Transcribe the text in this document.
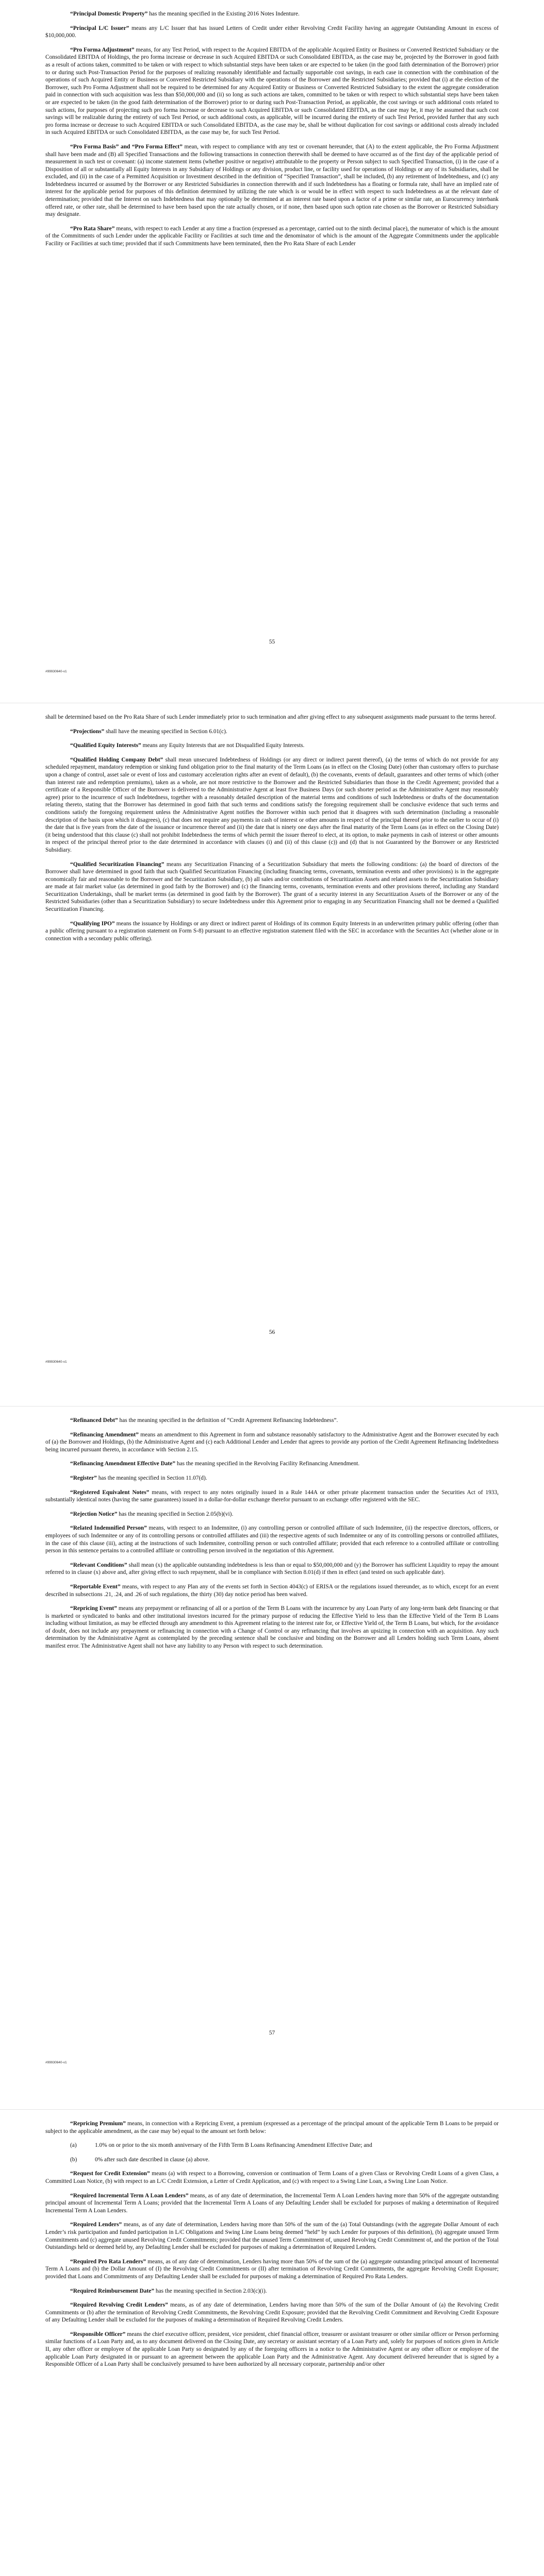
“Principal Domestic Property” has the meaning specified in the Existing 2016 Notes Indenture.

“Principal L/C Issuer” means any L/C Issuer that has issued Letters of Credit under either Revolving Credit Facility having an aggregate Outstanding Amount in excess of $10,000,000.

“Pro Forma Adjustment” means, for any Test Period, with respect to the Acquired EBITDA of the applicable Acquired Entity or Business or Converted Restricted Subsidiary or the Consolidated EBITDA of Holdings, the pro forma increase or decrease in such Acquired EBITDA or such Consolidated EBITDA, as the case may be, projected by the Borrower in good faith as a result of actions taken, committed to be taken or with respect to which substantial steps have been taken or are expected to be taken (in the good faith determination of the Borrower) prior to or during such Post-Transaction Period for the purposes of realizing reasonably identifiable and factually supportable cost savings, in each case in connection with the combination of the operations of such Acquired Entity or Business or Converted Restricted Subsidiary with the operations of the Borrower and the Restricted Subsidiaries; provided that (i) at the election of the Borrower, such Pro Forma Adjustment shall not be required to be determined for any Acquired Entity or Business or Converted Restricted Subsidiary to the extent the aggregate consideration paid in connection with such acquisition was less than $50,000,000 and (ii) so long as such actions are taken, committed to be taken or with respect to which substantial steps have been taken or are expected to be taken (in the good faith determination of the Borrower) prior to or during such Post-Transaction Period, as applicable, the cost savings or such additional costs related to such actions, for purposes of projecting such pro forma increase or decrease to such Acquired EBITDA or such Consolidated EBITDA, as the case may be, it may be assumed that such cost savings will be realizable during the entirety of such Test Period, or such additional costs, as applicable, will be incurred during the entirety of such Test Period, provided further that any such pro forma increase or decrease to such Acquired EBITDA or such Consolidated EBITDA, as the case may be, shall be without duplication for cost savings or additional costs already included in such Acquired EBITDA or such Consolidated EBITDA, as the case may be, for such Test Period.

“Pro Forma Basis” and “Pro Forma Effect” mean, with respect to compliance with any test or covenant hereunder, that (A) to the extent applicable, the Pro Forma Adjustment shall have been made and (B) all Specified Transactions and the following transactions in connection therewith shall be deemed to have occurred as of the first day of the applicable period of measurement in such test or covenant: (a) income statement items (whether positive or negative) attributable to the property or Person subject to such Specified Transaction, (i) in the case of a Disposition of all or substantially all Equity Interests in any Subsidiary of Holdings or any division, product line, or facility used for operations of Holdings or any of its Subsidiaries, shall be excluded, and (ii) in the case of a Permitted Acquisition or Investment described in the definition of “Specified Transaction”, shall be included, (b) any retirement of Indebtedness, and (c) any Indebtedness incurred or assumed by the Borrower or any Restricted Subsidiaries in connection therewith and if such Indebtedness has a floating or formula rate, shall have an implied rate of interest for the applicable period for purposes of this definition determined by utilizing the rate which is or would be in effect with respect to such Indebtedness as at the relevant date of determination; provided that the Interest on such Indebtedness that may optionally be determined at an interest rate based upon a factor of a prime or similar rate, an Eurocurrency interbank offered rate, or other rate, shall be determined to have been based upon the rate actually chosen, or if none, then based upon such option rate chosen as the Borrower or Restricted Subsidiary may designate.

“Pro Rata Share” means, with respect to each Lender at any time a fraction (expressed as a percentage, carried out to the ninth decimal place), the numerator of which is the amount of the Commitments of such Lender under the applicable Facility or Facilities at such time and the denominator of which is the amount of the Aggregate Commitments under the applicable Facility or Facilities at such time; provided that if such Commitments have been terminated, then the Pro Rata Share of each Lender

55
#99930640-v1

shall be determined based on the Pro Rata Share of such Lender immediately prior to such termination and after giving effect to any subsequent assignments made pursuant to the terms hereof.

“Projections” shall have the meaning specified in Section 6.01(c).

“Qualified Equity Interests” means any Equity Interests that are not Disqualified Equity Interests.

“Qualified Holding Company Debt” shall mean unsecured Indebtedness of Holdings (or any direct or indirect parent thereof), (a) the terms of which do not provide for any scheduled repayment, mandatory redemption or sinking fund obligation prior to the final maturity of the Term Loans (as in effect on the Closing Date) (other than customary offers to purchase upon a change of control, asset sale or event of loss and customary acceleration rights after an event of default), (b) the covenants, events of default, guarantees and other terms of which (other than interest rate and redemption premiums), taken as a whole, are not more restrictive to the Borrower and the Restricted Subsidiaries than those in the Credit Agreement; provided that a certificate of a Responsible Officer of the Borrower is delivered to the Administrative Agent at least five Business Days (or such shorter period as the Administrative Agent may reasonably agree) prior to the incurrence of such Indebtedness, together with a reasonably detailed description of the material terms and conditions of such Indebtedness or drafts of the documentation relating thereto, stating that the Borrower has determined in good faith that such terms and conditions satisfy the foregoing requirement shall be conclusive evidence that such terms and conditions satisfy the foregoing requirement unless the Administrative Agent notifies the Borrower within such period that it disagrees with such determination (including a reasonable description of the basis upon which it disagrees), (c) that does not require any payments in cash of interest or other amounts in respect of the principal thereof prior to the earlier to occur of (i) the date that is five years from the date of the issuance or incurrence thereof and (ii) the date that is ninety one days after the final maturity of the Term Loans (as in effect on the Closing Date) (it being understood that this clause (c) shall not prohibit Indebtedness the terms of which permit the issuer thereof to elect, at its option, to make payments in cash of interest or other amounts in respect of the principal thereof prior to the date determined in accordance with clauses (i) and (ii) of this clause (c)) and (d) that is not Guaranteed by the Borrower or any Restricted Subsidiary.

“Qualified Securitization Financing” means any Securitization Financing of a Securitization Subsidiary that meets the following conditions: (a) the board of directors of the Borrower shall have determined in good faith that such Qualified Securitization Financing (including financing terms, covenants, termination events and other provisions) is in the aggregate economically fair and reasonable to the Borrower and the Securitization Subsidiary, (b) all sales and/or contributions of Securitization Assets and related assets to the Securitization Subsidiary are made at fair market value (as determined in good faith by the Borrower) and (c) the financing terms, covenants, termination events and other provisions thereof, including any Standard Securitization Undertakings, shall be market terms (as determined in good faith by the Borrower). The grant of a security interest in any Securitization Assets of the Borrower or any of the Restricted Subsidiaries (other than a Securitization Subsidiary) to secure Indebtedness under this Agreement prior to engaging in any Securitization Financing shall not be deemed a Qualified Securitization Financing.

“Qualifying IPO” means the issuance by Holdings or any direct or indirect parent of Holdings of its common Equity Interests in an underwritten primary public offering (other than a public offering pursuant to a registration statement on Form S-8) pursuant to an effective registration statement filed with the SEC in accordance with the Securities Act (whether alone or in connection with a secondary public offering).

56
#99930640-v1

“Refinanced Debt” has the meaning specified in the definition of “Credit Agreement Refinancing Indebtedness”.

“Refinancing Amendment” means an amendment to this Agreement in form and substance reasonably satisfactory to the Administrative Agent and the Borrower executed by each of (a) the Borrower and Holdings, (b) the Administrative Agent and (c) each Additional Lender and Lender that agrees to provide any portion of the Credit Agreement Refinancing Indebtedness being incurred pursuant thereto, in accordance with Section 2.15.

“Refinancing Amendment Effective Date” has the meaning specified in the Revolving Facility Refinancing Amendment.

“Register” has the meaning specified in Section 11.07(d).

“Registered Equivalent Notes” means, with respect to any notes originally issued in a Rule 144A or other private placement transaction under the Securities Act of 1933, substantially identical notes (having the same guarantees) issued in a dollar-for-dollar exchange therefor pursuant to an exchange offer registered with the SEC.

“Rejection Notice” has the meaning specified in Section 2.05(b)(vi).

“Related Indemnified Person” means, with respect to an Indemnitee, (i) any controlling person or controlled affiliate of such Indemnitee, (ii) the respective directors, officers, or employees of such Indemnitee or any of its controlling persons or controlled affiliates and (iii) the respective agents of such Indemnitee or any of its controlling persons or controlled affiliates, in the case of this clause (iii), acting at the instructions of such Indemnitee, controlling person or such controlled affiliate; provided that each reference to a controlled affiliate or controlling person in this sentence pertains to a controlled affiliate or controlling person involved in the negotiation of this Agreement.

“Relevant Conditions” shall mean (x) the applicable outstanding indebtedness is less than or equal to $50,000,000 and (y) the Borrower has sufficient Liquidity to repay the amount referred to in clause (x) above and, after giving effect to such repayment, shall be in compliance with Section 8.01(d) if then in effect (and tested on such applicable date).

“Reportable Event” means, with respect to any Plan any of the events set forth in Section 4043(c) of ERISA or the regulations issued thereunder, as to which, except for an event described in subsections .21, .24, and .26 of such regulations, the thirty (30) day notice period has been waived.

“Repricing Event” means any prepayment or refinancing of all or a portion of the Term B Loans with the incurrence by any Loan Party of any long-term bank debt financing or that is marketed or syndicated to banks and other institutional investors incurred for the primary purpose of reducing the Effective Yield to less than the Effective Yield of the Term B Loans including without limitation, as may be effected through any amendment to this Agreement relating to the interest rate for, or Effective Yield of, the Term B Loans, but which, for the avoidance of doubt, does not include any prepayment or refinancing in connection with a Change of Control or any refinancing that involves an upsizing in connection with an acquisition. Any such determination by the Administrative Agent as contemplated by the preceding sentence shall be conclusive and binding on the Borrower and all Lenders holding such Term Loans, absent manifest error. The Administrative Agent shall not have any liability to any Person with respect to such determination.

57
#99930640-v1

“Repricing Premium” means, in connection with a Repricing Event, a premium (expressed as a percentage of the principal amount of the applicable Term B Loans to be prepaid or subject to the applicable amendment, as the case may be) equal to the amount set forth below:

(a)	1.0% on or prior to the six month anniversary of the Fifth Term B Loans Refinancing Amendment Effective Date; and

(b)	0% after such date described in clause (a) above.

“Request for Credit Extension” means (a) with respect to a Borrowing, conversion or continuation of Term Loans of a given Class or Revolving Credit Loans of a given Class, a Committed Loan Notice, (b) with respect to an L/C Credit Extension, a Letter of Credit Application, and (c) with respect to a Swing Line Loan, a Swing Line Loan Notice.

“Required Incremental Term A Loan Lenders” means, as of any date of determination, the Incremental Term A Loan Lenders having more than 50% of the aggregate outstanding principal amount of Incremental Term A Loans; provided that the Incremental Term A Loans of any Defaulting Lender shall be excluded for purposes of making a determination of Required Incremental Term A Loan Lenders.

“Required Lenders” means, as of any date of determination, Lenders having more than 50% of the sum of the (a) Total Outstandings (with the aggregate Dollar Amount of each Lender’s risk participation and funded participation in L/C Obligations and Swing Line Loans being deemed “held” by such Lender for purposes of this definition), (b) aggregate unused Term Commitments and (c) aggregate unused Revolving Credit Commitments; provided that the unused Term Commitment of, unused Revolving Credit Commitment of, and the portion of the Total Outstandings held or deemed held by, any Defaulting Lender shall be excluded for purposes of making a determination of Required Lenders.

“Required Pro Rata Lenders” means, as of any date of determination, Lenders having more than 50% of the sum of the (a) aggregate outstanding principal amount of Incremental Term A Loans and (b) the Dollar Amount of (I) the Revolving Credit Commitments or (II) after termination of Revolving Credit Commitments, the aggregate Revolving Credit Exposure; provided that Loans and Commitments of any Defaulting Lender shall be excluded for purposes of making a determination of Required Pro Rata Lenders.

“Required Reimbursement Date” has the meaning specified in Section 2.03(c)(i).

“Required Revolving Credit Lenders” means, as of any date of determination, Lenders having more than 50% of the sum of the Dollar Amount of (a) the Revolving Credit Commitments or (b) after the termination of Revolving Credit Commitments, the Revolving Credit Exposure; provided that the Revolving Credit Commitment and Revolving Credit Exposure of any Defaulting Lender shall be excluded for the purposes of making a determination of Required Revolving Credit Lenders.

“Responsible Officer” means the chief executive officer, president, vice president, chief financial officer, treasurer or assistant treasurer or other similar officer or Person performing similar functions of a Loan Party and, as to any document delivered on the Closing Date, any secretary or assistant secretary of a Loan Party and, solely for purposes of notices given in Article II, any other officer or employee of the applicable Loan Party so designated by any of the foregoing officers in a notice to the Administrative Agent or any other officer or employee of the applicable Loan Party designated in or pursuant to an agreement between the applicable Loan Party and the Administrative Agent. Any document delivered hereunder that is signed by a Responsible Officer of a Loan Party shall be conclusively presumed to have been authorized by all necessary corporate, partnership and/or other
